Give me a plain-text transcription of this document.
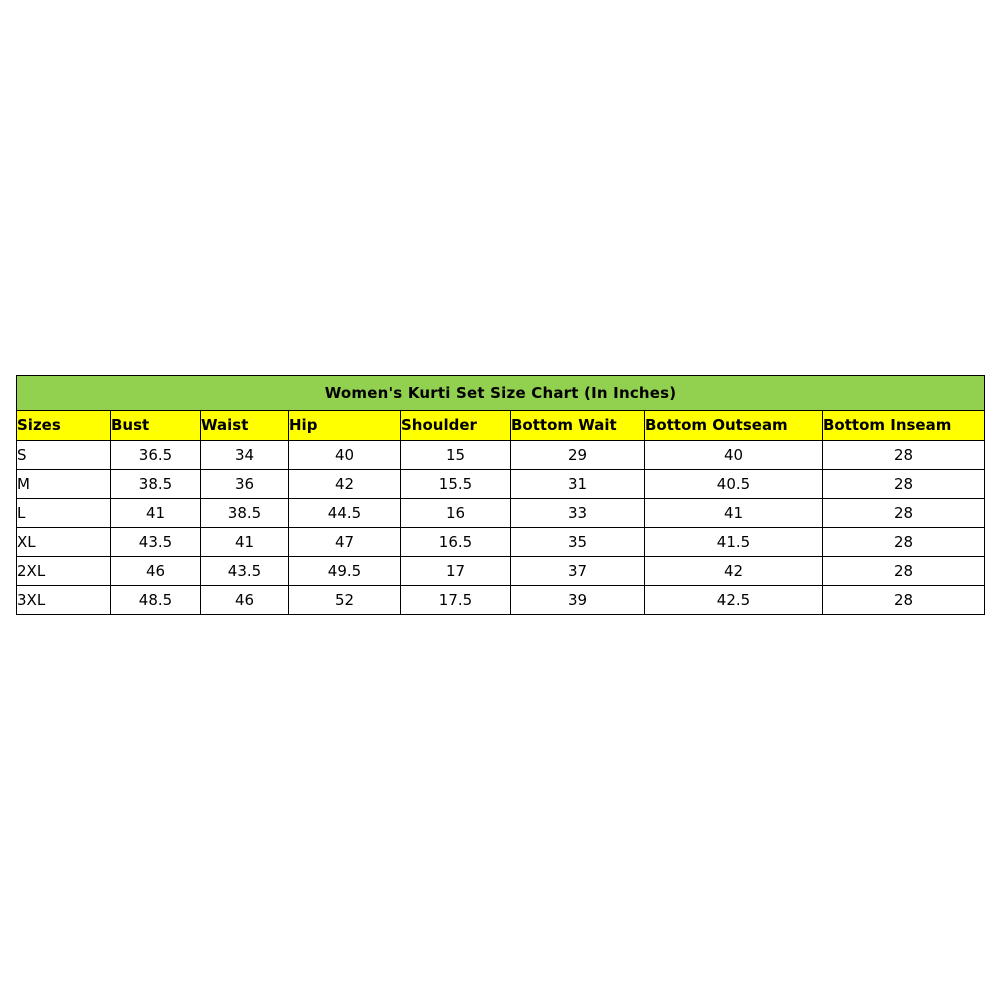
Women's Kurti Set Size Chart (In Inches)							
Sizes	Bust	Waist	Hip	Shoulder	Bottom Wait	Bottom Outseam	Bottom Inseam
S	36.5	34	40	15	29	40	28
M	38.5	36	42	15.5	31	40.5	28
L	41	38.5	44.5	16	33	41	28
XL	43.5	41	47	16.5	35	41.5	28
2XL	46	43.5	49.5	17	37	42	28
3XL	48.5	46	52	17.5	39	42.5	28
